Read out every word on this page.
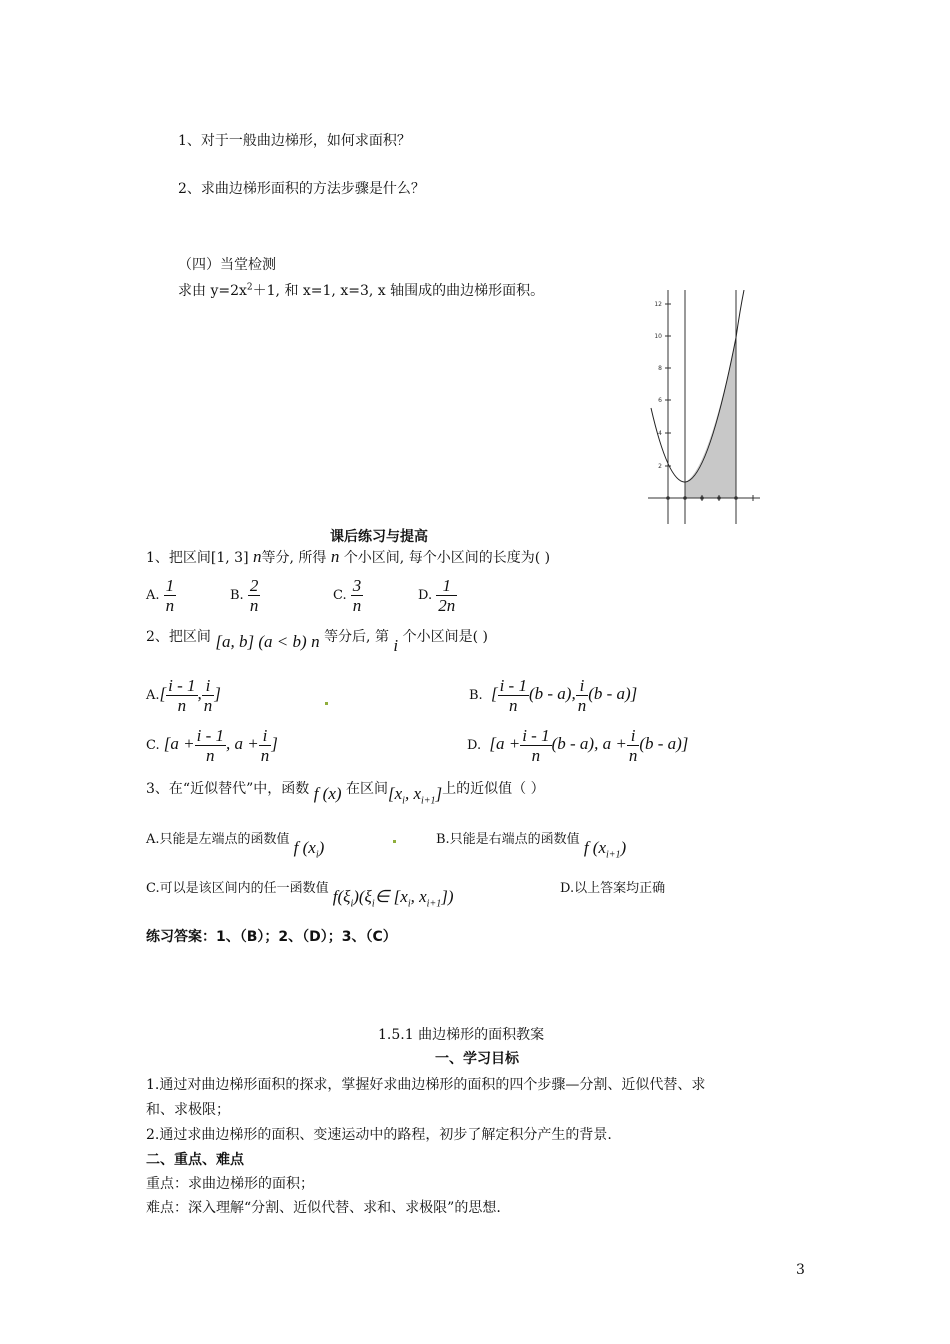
1、对于一般曲边梯形，如何求面积？
2、求曲边梯形面积的方法步骤是什么？
（四）当堂检测
求由 $y=2x^2+1$, 和 x=1, x=3, x 轴围成的曲边梯形面积。
12
10
8
6
4
2
课后练习与提高
1、把区间[1, 3] n等分, 所得 n 个小区间, 每个小区间的长度为( )
A. $\frac{1}{n}$	B. $\frac{2}{n}$	C. $\frac{3}{n}$	D. $\frac{1}{2n}$
2、把区间 [a, b] (a < b) n 等分后, 第 i 个小区间是( )
$A.[ \frac{i - 1}{n}$ , $\frac{i}{n}$ ]	B. [ $\frac{i - 1}{n} (b - a)$, $\frac{i}{n} (b - a)$]
C. [$a + \frac{i - 1}{n}$ , $a + \frac{i}{n}$ ]	D. [$a + \frac{i - 1}{n} (b - a)$, $a + \frac{i}{n} (b - a)$]
3、在“近似替代”中，函数 f (x) 在区间[$x_i$, $x_{i+1}$]上的近似值（ ）
A.只能是左端点的函数值 f $(x_i)$	B.只能是右端点的函数值 f $(x_{i+1})$
C.可以是该区间内的任一函数值 $f(\xi_i)(\xi_i\in$ [$x_i$, $x_{i+1}$])	D.以上答案均正确
练习答案：1、（B）；2、（D）；3、（C）
1.5.1 曲边梯形的面积教案
一、学习目标
1.通过对曲边梯形面积的探求，掌握好求曲边梯形的面积的四个步骤—分割、近似代替、求
和、求极限；
2.通过求曲边梯形的面积、变速运动中的路程，初步了解定积分产生的背景.
二、重点、难点
重点：求曲边梯形的面积；
难点：深入理解“分割、近似代替、求和、求极限”的思想.
3
